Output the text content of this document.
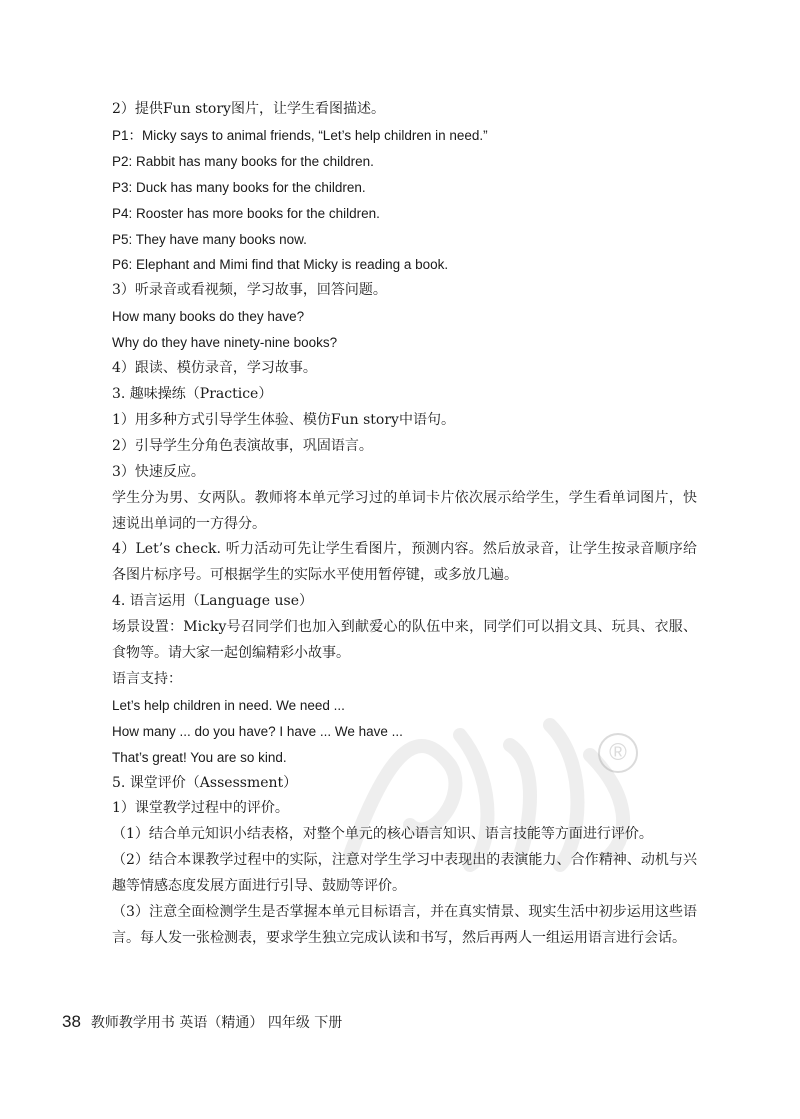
®
2）提供Fun story图片，让学生看图描述。
P1：Micky says to animal friends, “Let’s help children in need.”
P2: Rabbit has many books for the children.
P3: Duck has many books for the children.
P4: Rooster has more books for the children.
P5: They have many books now.
P6: Elephant and Mimi find that Micky is reading a book.
3）听录音或看视频，学习故事，回答问题。
How many books do they have?
Why do they have ninety-nine books?
4）跟读、模仿录音，学习故事。
3. 趣味操练（Practice）
1）用多种方式引导学生体验、模仿Fun story中语句。
2）引导学生分角色表演故事，巩固语言。
3）快速反应。

学生分为男、女两队。教师将本单元学习过的单词卡片依次展示给学生，学生看单词图片，快速说出单词的一方得分。

4）Let’s check. 听力活动可先让学生看图片，预测内容。然后放录音，让学生按录音顺序给各图片标序号。可根据学生的实际水平使用暂停键，或多放几遍。

4. 语言运用（Language use）

场景设置：Micky号召同学们也加入到献爱心的队伍中来，同学们可以捐文具、玩具、衣服、食物等。请大家一起创编精彩小故事。

语言支持：
Let’s help children in need. We need ...
How many ... do you have? I have ... We have ...
That’s great! You are so kind.
5. 课堂评价（Assessment）
1）课堂教学过程中的评价。

（1）结合单元知识小结表格，对整个单元的核心语言知识、语言技能等方面进行评价。

（2）结合本课教学过程中的实际，注意对学生学习中表现出的表演能力、合作精神、动机与兴趣等情感态度发展方面进行引导、鼓励等评价。

（3）注意全面检测学生是否掌握本单元目标语言，并在真实情景、现实生活中初步运用这些语言。每人发一张检测表，要求学生独立完成认读和书写，然后再两人一组运用语言进行会话。

38 教师教学用书 英语（精通） 四年级 下册
